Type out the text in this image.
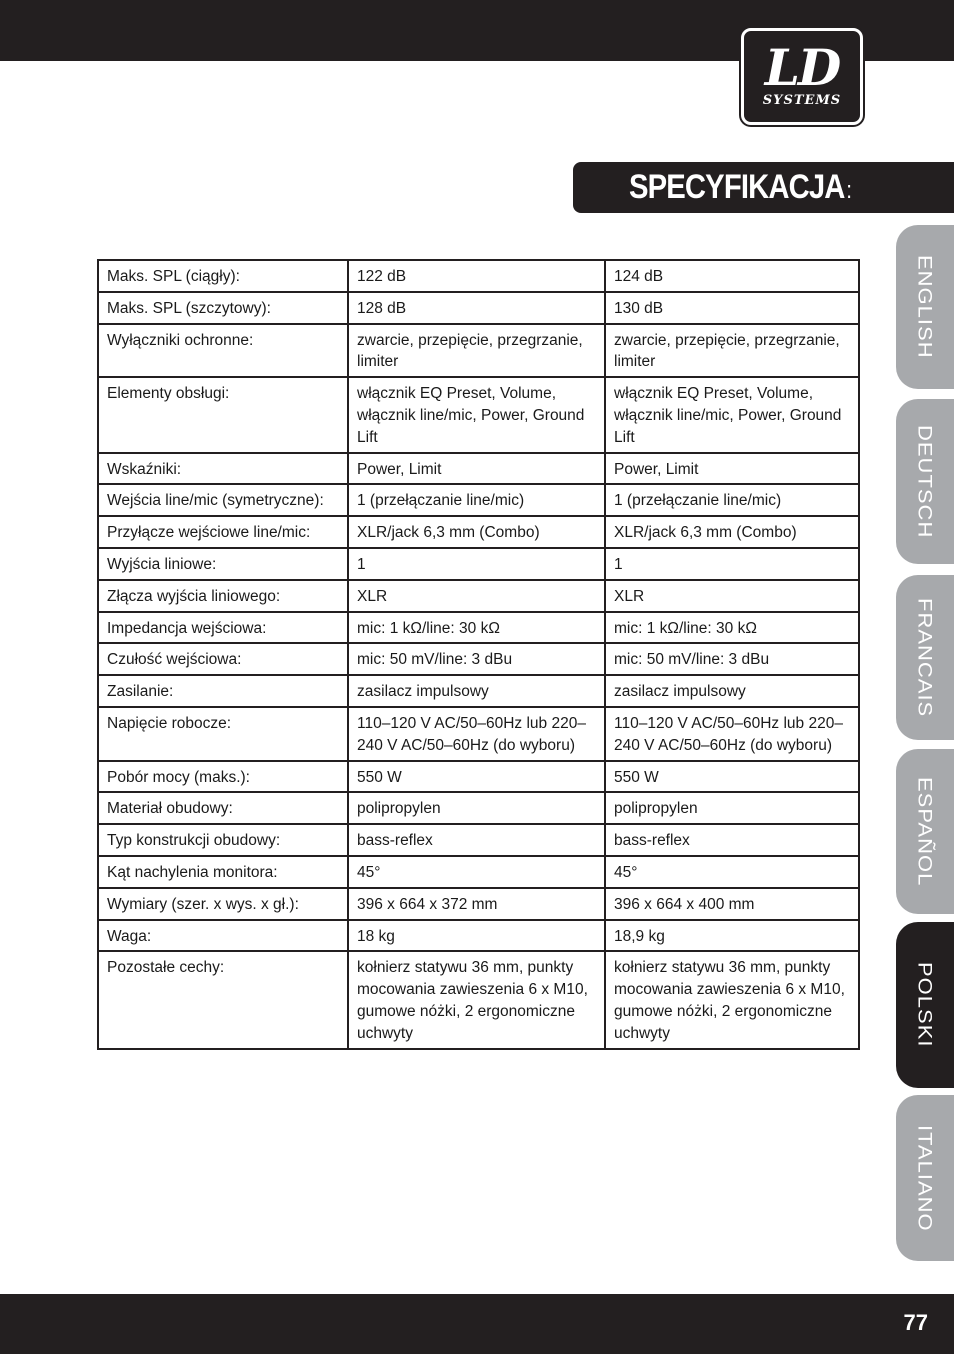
LD
SYSTEMS
SPECYFIKACJA:
ENGLISH
DEUTSCH
FRANCAIS
ESPAÑOL
POLSKI
ITALIANO
Maks. SPL (ciągły):	122 dB	124 dB
Maks. SPL (szczytowy):	128 dB	130 dB
Wyłączniki ochronne:	zwarcie, przepięcie, przegrzanie, limiter	zwarcie, przepięcie, przegrzanie, limiter
Elementy obsługi:	włącznik EQ Preset, Volume, włącznik line/mic, Power, Ground Lift	włącznik EQ Preset, Volume, włącznik line/mic, Power, Ground Lift
Wskaźniki:	Power, Limit	Power, Limit
Wejścia line/mic (symetryczne):	1 (przełączanie line/mic)	1 (przełączanie line/mic)
Przyłącze wejściowe line/mic:	XLR/jack 6,3 mm (Combo)	XLR/jack 6,3 mm (Combo)
Wyjścia liniowe:	1	1
Złącza wyjścia liniowego:	XLR	XLR
Impedancja wejściowa:	mic: 1 kΩ/line: 30 kΩ	mic: 1 kΩ/line: 30 kΩ
Czułość wejściowa:	mic: 50 mV/line: 3 dBu	mic: 50 mV/line: 3 dBu
Zasilanie:	zasilacz impulsowy	zasilacz impulsowy
Napięcie robocze:	110–120 V AC/50–60Hz lub 220–240 V AC/50–60Hz (do wyboru)	110–120 V AC/50–60Hz lub 220–240 V AC/50–60Hz (do wyboru)
Pobór mocy (maks.):	550 W	550 W
Materiał obudowy:	polipropylen	polipropylen
Typ konstrukcji obudowy:	bass-reflex	bass-reflex
Kąt nachylenia monitora:	45°	45°
Wymiary (szer. x wys. x gł.):	396 x 664 x 372 mm	396 x 664 x 400 mm
Waga:	18 kg	18,9 kg
Pozostałe cechy:	kołnierz statywu 36 mm, punkty mocowania zawieszenia 6 x M10, gumowe nóżki, 2 ergonomiczne uchwyty	kołnierz statywu 36 mm, punkty mocowania zawieszenia 6 x M10, gumowe nóżki, 2 ergonomiczne uchwyty
77
